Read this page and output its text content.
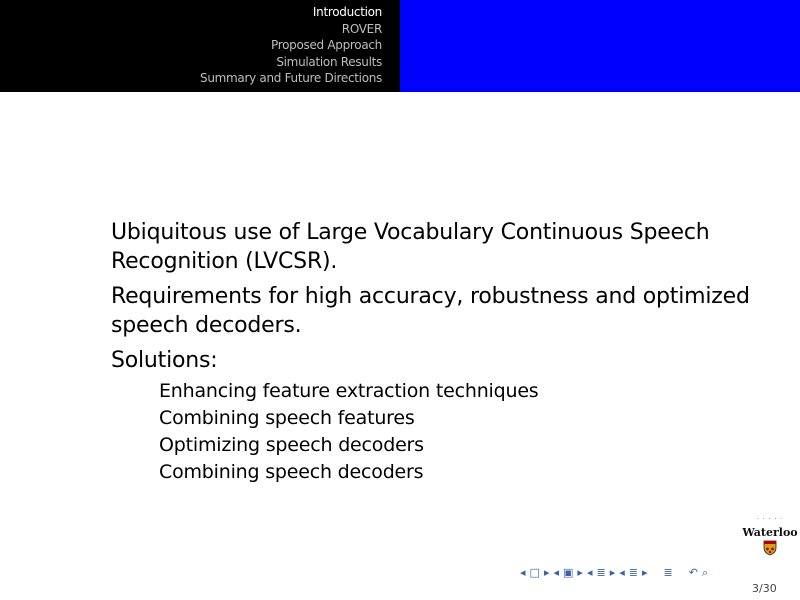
Introduction
ROVER
Proposed Approach
Simulation Results
Summary and Future Directions

Ubiquitous use of Large Vocabulary Continuous Speech Recognition (LVCSR).

Requirements for high accuracy, robustness and optimized speech decoders.

Solutions:

Enhancing feature extraction techniques
Combining speech features
Optimizing speech decoders
Combining speech decoders
· · · · ·
Waterloo
◂ □ ▸ ◂ ▣ ▸ ◂ ≣ ▸ ◂ ≣ ▸ ≣ ↶ ⌕
3/30
